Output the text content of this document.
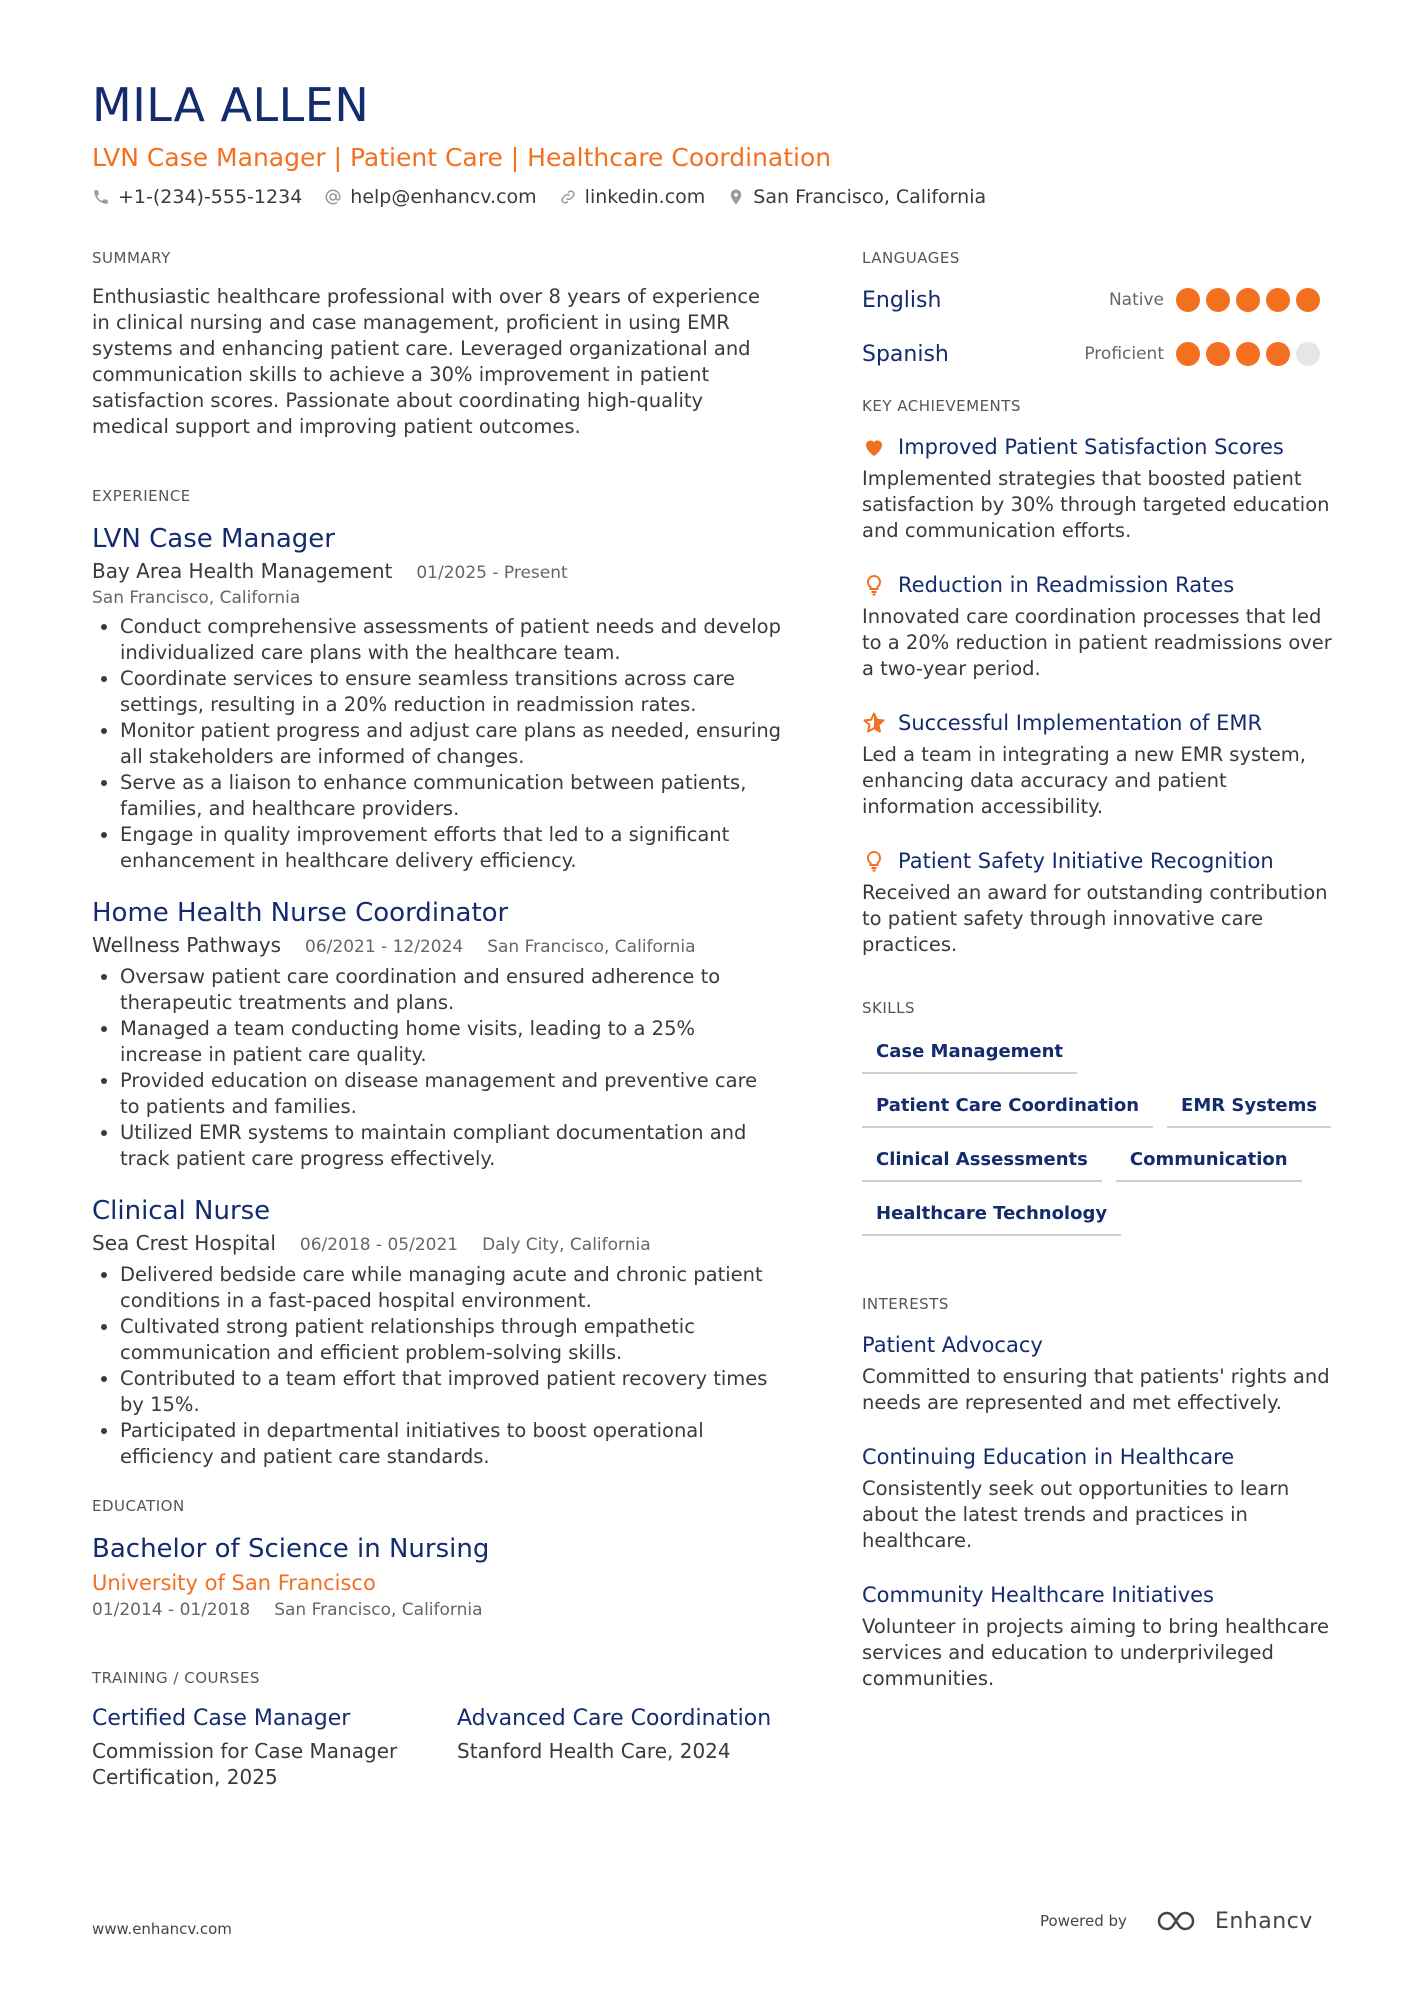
MILA ALLEN
LVN Case Manager | Patient Care | Healthcare Coordination
+1-(234)-555-1234	help@enhancv.com	linkedin.com	San Francisco, California
SUMMARY
Enthusiastic healthcare professional with over 8 years of experience in clinical nursing and case management, proficient in using EMR systems and enhancing patient care. Leveraged organizational and communication skills to achieve a 30% improvement in patient satisfaction scores. Passionate about coordinating high-quality medical support and improving patient outcomes.
EXPERIENCE
LVN Case Manager
Bay Area Health Management 01/2025 - Present
San Francisco, California
• Conduct comprehensive assessments of patient needs and develop individualized care plans with the healthcare team.
• Coordinate services to ensure seamless transitions across care settings, resulting in a 20% reduction in readmission rates.
• Monitor patient progress and adjust care plans as needed, ensuring all stakeholders are informed of changes.
• Serve as a liaison to enhance communication between patients, families, and healthcare providers.
• Engage in quality improvement efforts that led to a significant enhancement in healthcare delivery efficiency.
Home Health Nurse Coordinator
Wellness Pathways 06/2021 - 12/2024 San Francisco, California
• Oversaw patient care coordination and ensured adherence to therapeutic treatments and plans.
• Managed a team conducting home visits, leading to a 25% increase in patient care quality.
• Provided education on disease management and preventive care to patients and families.
• Utilized EMR systems to maintain compliant documentation and track patient care progress effectively.
Clinical Nurse
Sea Crest Hospital 06/2018 - 05/2021 Daly City, California
• Delivered bedside care while managing acute and chronic patient conditions in a fast-paced hospital environment.
• Cultivated strong patient relationships through empathetic communication and efficient problem-solving skills.
• Contributed to a team effort that improved patient recovery times by 15%.
• Participated in departmental initiatives to boost operational efficiency and patient care standards.
EDUCATION
Bachelor of Science in Nursing
University of San Francisco
01/2014 - 01/2018 San Francisco, California
TRAINING / COURSES
Certified Case Manager
Commission for Case Manager Certification, 2025
Advanced Care Coordination
Stanford Health Care, 2024
LANGUAGES
English	Native
Spanish	Proficient
KEY ACHIEVEMENTS
Improved Patient Satisfaction Scores
Implemented strategies that boosted patient satisfaction by 30% through targeted education and communication efforts.
Reduction in Readmission Rates
Innovated care coordination processes that led to a 20% reduction in patient readmissions over a two-year period.
Successful Implementation of EMR
Led a team in integrating a new EMR system, enhancing data accuracy and patient information accessibility.
Patient Safety Initiative Recognition
Received an award for outstanding contribution to patient safety through innovative care practices.
SKILLS
Case Management
Patient Care Coordination	EMR Systems
Clinical Assessments	Communication
Healthcare Technology
INTERESTS
Patient Advocacy
Committed to ensuring that patients' rights and needs are represented and met effectively.
Continuing Education in Healthcare
Consistently seek out opportunities to learn about the latest trends and practices in healthcare.
Community Healthcare Initiatives
Volunteer in projects aiming to bring healthcare services and education to underprivileged communities.
www.enhancv.com	Powered by	Enhancv
